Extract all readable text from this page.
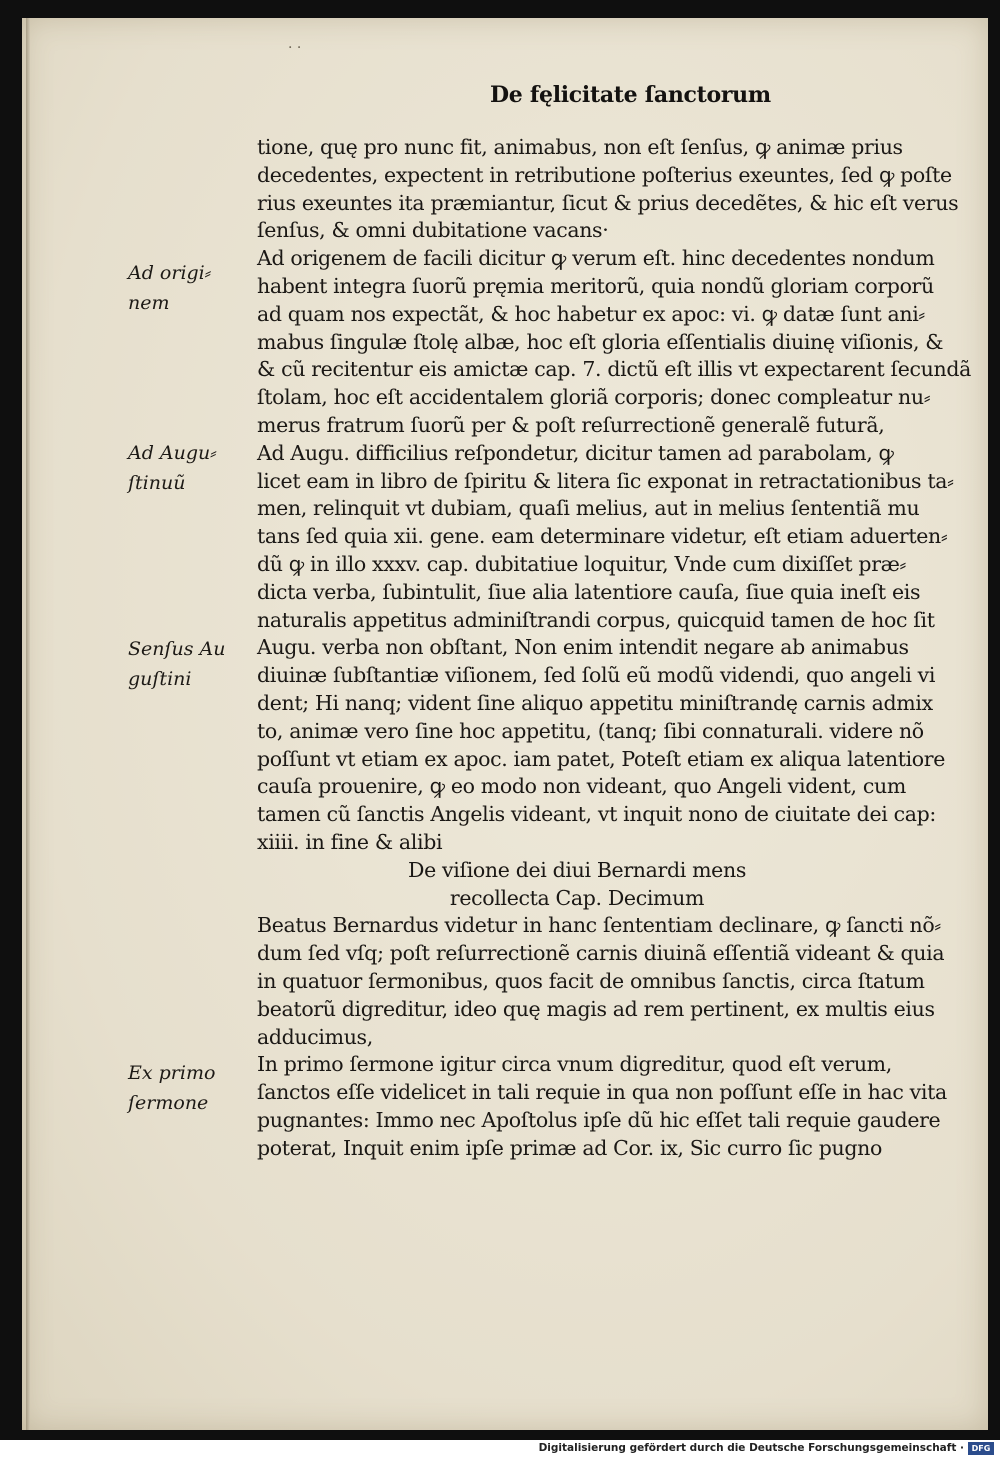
· ·
De fęlicitate ſanctorum
tione, quę pro nunc fit, animabus, non eſt ſenſus, ꝙ animæ prius
decedentes, expectent in retributione poſterius exeuntes, ſed ꝙ poſte
rius exeuntes ita præmiantur, ſicut & prius decedẽtes, & hic eſt verus
ſenſus, & omni dubitatione vacans·
Ad origenem de facili dicitur ꝙ verum eſt. hinc decedentes nondum
habent integra ſuorũ pręmia meritorũ, quia nondũ gloriam corporũ
ad quam nos expectãt, & hoc habetur ex apoc: vi. ꝙ datæ ſunt ani⸗
mabus ſingulæ ſtolę albæ, hoc eſt gloria eſſentialis diuinę viſionis, &
& cũ recitentur eis amictæ cap. 7. dictũ eſt illis vt expectarent ſecundã
ſtolam, hoc eſt accidentalem gloriã corporis; donec compleatur nu⸗
merus fratrum ſuorũ per & poſt reſurrectionẽ generalẽ futurã,
Ad Augu. difficilius reſpondetur, dicitur tamen ad parabolam, ꝙ
licet eam in libro de ſpiritu & litera ſic exponat in retractationibus ta⸗
men, relinquit vt dubiam, quaſi melius, aut in melius ſententiã mu
tans ſed quia xii. gene. eam determinare videtur, eſt etiam aduerten⸗
dũ ꝙ in illo xxxv. cap. dubitatiue loquitur, Vnde cum dixiſſet præ⸗
dicta verba, ſubintulit, ſiue alia latentiore cauſa, ſiue quia ineſt eis
naturalis appetitus adminiſtrandi corpus, quicquid tamen de hoc ſit
Augu. verba non obſtant, Non enim intendit negare ab animabus
diuinæ ſubſtantiæ viſionem, ſed ſolũ eũ modũ videndi, quo angeli vi
dent; Hi nanq; vident ſine aliquo appetitu miniſtrandę carnis admix
to, animæ vero ſine hoc appetitu, (tanq; ſibi connaturali. videre nõ
poſſunt vt etiam ex apoc. iam patet, Poteſt etiam ex aliqua latentiore
cauſa prouenire, ꝙ eo modo non videant, quo Angeli vident, cum
tamen cũ ſanctis Angelis videant, vt inquit nono de ciuitate dei cap:
xiiii. in fine & alibi
De viſione dei diui Bernardi mens
recollecta Cap. Decimum
Beatus Bernardus videtur in hanc ſententiam declinare, ꝙ ſancti nõ⸗
dum ſed vſq; poſt reſurrectionẽ carnis diuinã eſſentiã videant & quia
in quatuor ſermonibus, quos facit de omnibus ſanctis, circa ſtatum
beatorũ digreditur, ideo quę magis ad rem pertinent, ex multis eius
adducimus,
In primo ſermone igitur circa vnum digreditur, quod eſt verum,
ſanctos eſſe videlicet in tali requie in qua non poſſunt eſſe in hac vita
pugnantes: Immo nec Apoſtolus ipſe dũ hic eſſet tali requie gaudere
poterat, Inquit enim ipſe primæ ad Cor. ix, Sic curro ſic pugno
Ad origi⸗
nem
Ad Augu⸗
ſtinuũ
Senſus Au
guſtini
Ex primo
ſermone
Digitalisierung gefördert durch die Deutsche Forschungsgemeinschaft · DFG
